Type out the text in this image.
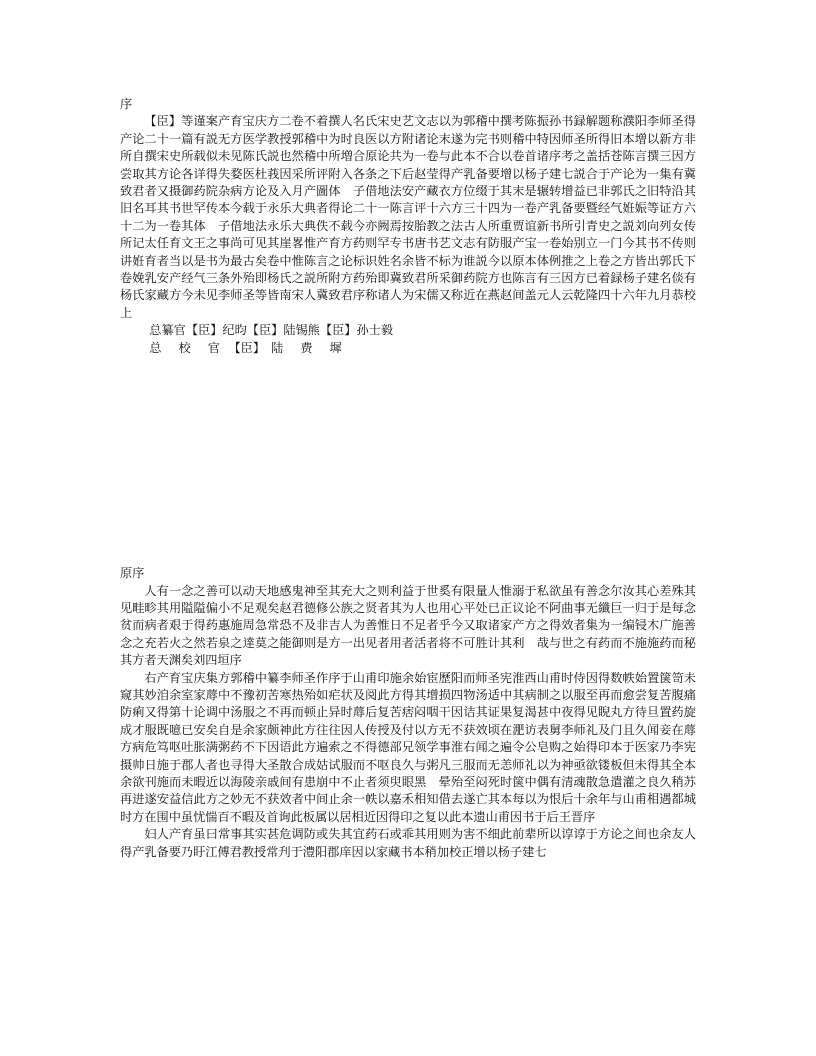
序

【臣】等谨案产育宝庆方二卷不着撰人名氏宋史艺文志以为郭稽中撰考陈振孙书録解题称濮阳李师圣得产论二十一篇有説无方医学教授郭稽中为时良医以方附诸论末遂为完书则稽中特因师圣所得旧本增以新方非所自撰宋史所载似未见陈氏説也然稽中所増合原论共为一卷与此本不合以卷首诸序考之盖括苍陈言撰三因方尝取其方论各详得失婺医杜莪因采所评附入各条之下后赵莹得产乳备要增以杨子建七説合于产论为一集有冀致君者又摄御药院杂病方论及入月产圖体　子借地法安产藏衣方位缀于其末是辗转增益已非郭氏之旧特沿其旧名耳其书世罕传本今载于永乐大典者得论二十一陈言评十六方三十四为一卷产乳备要暨经气姙娠等证方六十二为一卷其体　子借地法永乐大典佚不载今亦阙焉按胎教之法古人所重贾谊新书所引青史之説刘向列女传所记太任育文王之事尚可见其崖畧惟产育方药则罕专书唐书艺文志有防服产宝一卷始别立一门今其书不传则讲姙育者当以是书为最古矣卷中惟陈言之论标识姓名余皆不标为谁説今以原本体例推之上卷之方皆出郭氏下卷娩乳安产经气三条外殆即杨氏之説所附方药殆即冀致君所采御药院方也陈言有三因方已着録杨子建名倓有杨氏家藏方今未见李师圣等皆南宋人冀致君序称诸人为宋儒又称近在燕赵间盖元人云乾隆四十六年九月恭校上

总纂官【臣】纪昀【臣】陆锡熊【臣】孙士毅

总　校　官　 【臣】　 陆　费　墀

原序

人有一念之善可以动天地感鬼神至其充大之则利益于世奚有限量人惟溺于私欲虽有善念尔汝其心差殊其见畦畛其用隘隘偏小不足观矣赵君德修公族之贤者其为人也用心平处已正议论不阿曲事无纖巨一归于是每念贫而病者艰于得药惠施周急常恐不及非吉人为善惟日不足者乎今又取诸家产方之得效者集为一编锓木广施善念之充若火之然若泉之達莫之能御则是方一出见者用者活者将不可胜计其利　哉与世之有药而不施施药而秘其方者天渊矣刘四垣序

右产育宝庆集方郭稽中纂李师圣作序于山甫印施余始宦歷阳而师圣宪淮西山甫时侍因得数帙始置箧笥未窥其妙洎余室家蓐中不豫初苦寒热殆如疟状及阅此方得其增损四物汤适中其病制之以服至再而愈尝复苦腹痛防痢又得第十论调中汤服之不再而顿止异时蓐后复苦痞闷咽干因诘其证果复渴甚中夜得见睨丸方待旦置药旋成才服既噫已安矣自是余家颇神此方往往因人传授及付以方无不获效顷在淝访表舅李师礼及门且久闻妾在蓐方病危笃呕吐胀满粥药不下因语此方遍索之不得德部兄领学事淮右闻之遍令公皂购之始得印本于医家乃李宪摄帅日施于郡人者也寻得大圣散合成姑试服而不呕良久与粥凡三服而无恙师礼以为神亟欲镂板但未得其全本余欲刊施而未暇近以海陵亲戚间有患崩中不止者须臾眼黑　晕殆至闷死时箧中偶有清魂散急遣灌之良久稍苏再进遂安益信此方之妙无不获效者中间止余一帙以嘉禾相知借去遂亡其本每以为恨后十余年与山甫相遇都城时方在围中虽忧惴百不暇及首询此板属以居相近因得印之复以此本遗山甫因书于后王晋序

妇人产育虽曰常事其实甚危调防或失其宜药石或乖其用则为害不细此前辈所以谆谆于方论之间也余友人得产乳备要乃盱江傅君教授常刋于澧阳郡庠因以家藏书本稍加校正增以杨子建七
